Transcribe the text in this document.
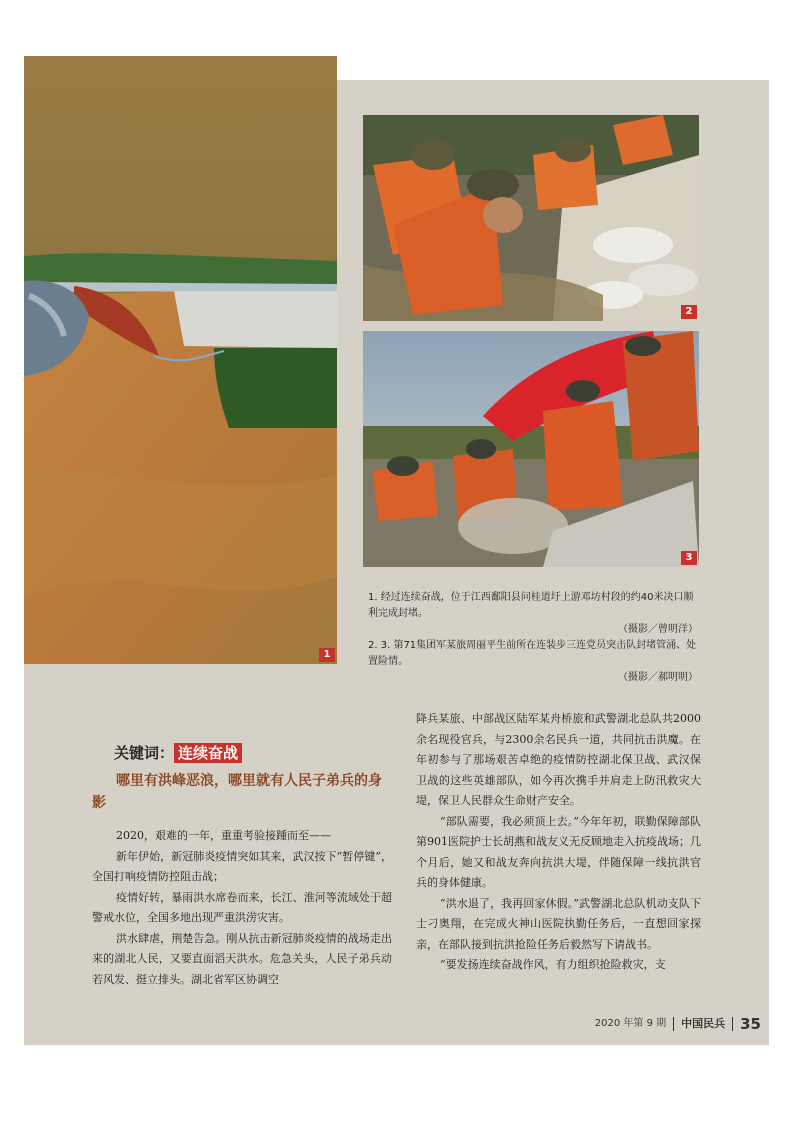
1
2
3
1. 经过连续奋战，位于江西鄱阳县问桂道圩上游邓坊村段的约40米决口顺利完成封堵。
（摄影／曾明洋）
2. 3. 第71集团军某旅周丽平生前所在连装步三连党员突击队封堵管涌、处置险情。
（摄影／郝明明）
关键词： 连续奋战
哪里有洪峰恶浪，哪里就有人民子弟兵的身影

2020，艰难的一年，重重考验接踵而至——

新年伊始，新冠肺炎疫情突如其来，武汉按下“暂停键”，全国打响疫情防控阻击战；

疫情好转，暴雨洪水席卷而来，长江、淮河等流域处于超警戒水位，全国多地出现严重洪涝灾害。

洪水肆虐，荆楚告急。刚从抗击新冠肺炎疫情的战场走出来的湖北人民，又要直面滔天洪水。危急关头，人民子弟兵动若风发、挺立排头。湖北省军区协调空

降兵某旅、中部战区陆军某舟桥旅和武警湖北总队共2000余名现役官兵，与2300余名民兵一道，共同抗击洪魔。在年初参与了那场艰苦卓绝的疫情防控湖北保卫战、武汉保卫战的这些英雄部队，如今再次携手并肩走上防汛救灾大堤，保卫人民群众生命财产安全。

“部队需要，我必须顶上去。”今年年初，联勤保障部队第901医院护士长胡燕和战友义无反顾地走入抗疫战场；几个月后，她又和战友奔向抗洪大堤，伴随保障一线抗洪官兵的身体健康。

“洪水退了，我再回家休假。”武警湖北总队机动支队下士刁奥翔，在完成火神山医院执勤任务后，一直想回家探亲，在部队接到抗洪抢险任务后毅然写下请战书。

“要发扬连续奋战作风，有力组织抢险救灾，支

2020 年第 9 期 中国民兵 35
